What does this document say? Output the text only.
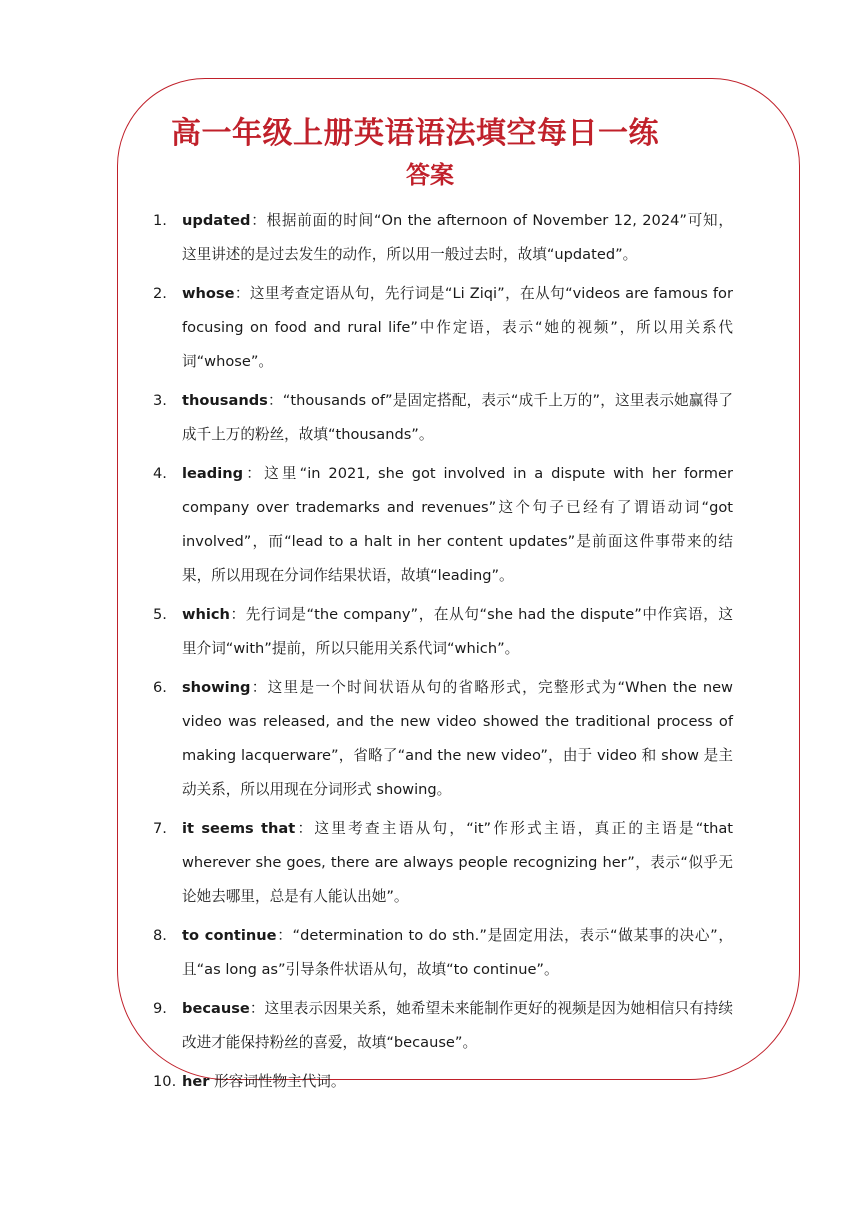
高一年级上册英语语法填空每日一练
答案
1. updated：根据前面的时间“On the afternoon of November 12, 2024”可知，这里讲述的是过去发生的动作，所以用一般过去时，故填“updated”。
2. whose：这里考查定语从句，先行词是“Li Ziqi”，在从句“videos are famous for focusing on food and rural life”中作定语，表示“她的视频”，所以用关系代词“whose”。
3. thousands：“thousands of”是固定搭配，表示“成千上万的”，这里表示她赢得了成千上万的粉丝，故填“thousands”。
4. leading：这里“in 2021, she got involved in a dispute with her former company over trademarks and revenues”这个句子已经有了谓语动词“got involved”，而“lead to a halt in her content updates”是前面这件事带来的结果，所以用现在分词作结果状语，故填“leading”。
5. which：先行词是“the company”，在从句“she had the dispute”中作宾语，这里介词“with”提前，所以只能用关系代词“which”。
6. showing：这里是一个时间状语从句的省略形式，完整形式为“When the new video was released, and the new video showed the traditional process of making lacquerware”，省略了“and the new video”，由于 video 和 show 是主动关系，所以用现在分词形式 showing。
7. it seems that：这里考查主语从句，“it”作形式主语，真正的主语是“that wherever she goes, there are always people recognizing her”，表示“似乎无论她去哪里，总是有人能认出她”。
8. to continue：“determination to do sth.”是固定用法，表示“做某事的决心”，且“as long as”引导条件状语从句，故填“to continue”。
9. because：这里表示因果关系，她希望未来能制作更好的视频是因为她相信只有持续改进才能保持粉丝的喜爱，故填“because”。
10. her 形容词性物主代词。
